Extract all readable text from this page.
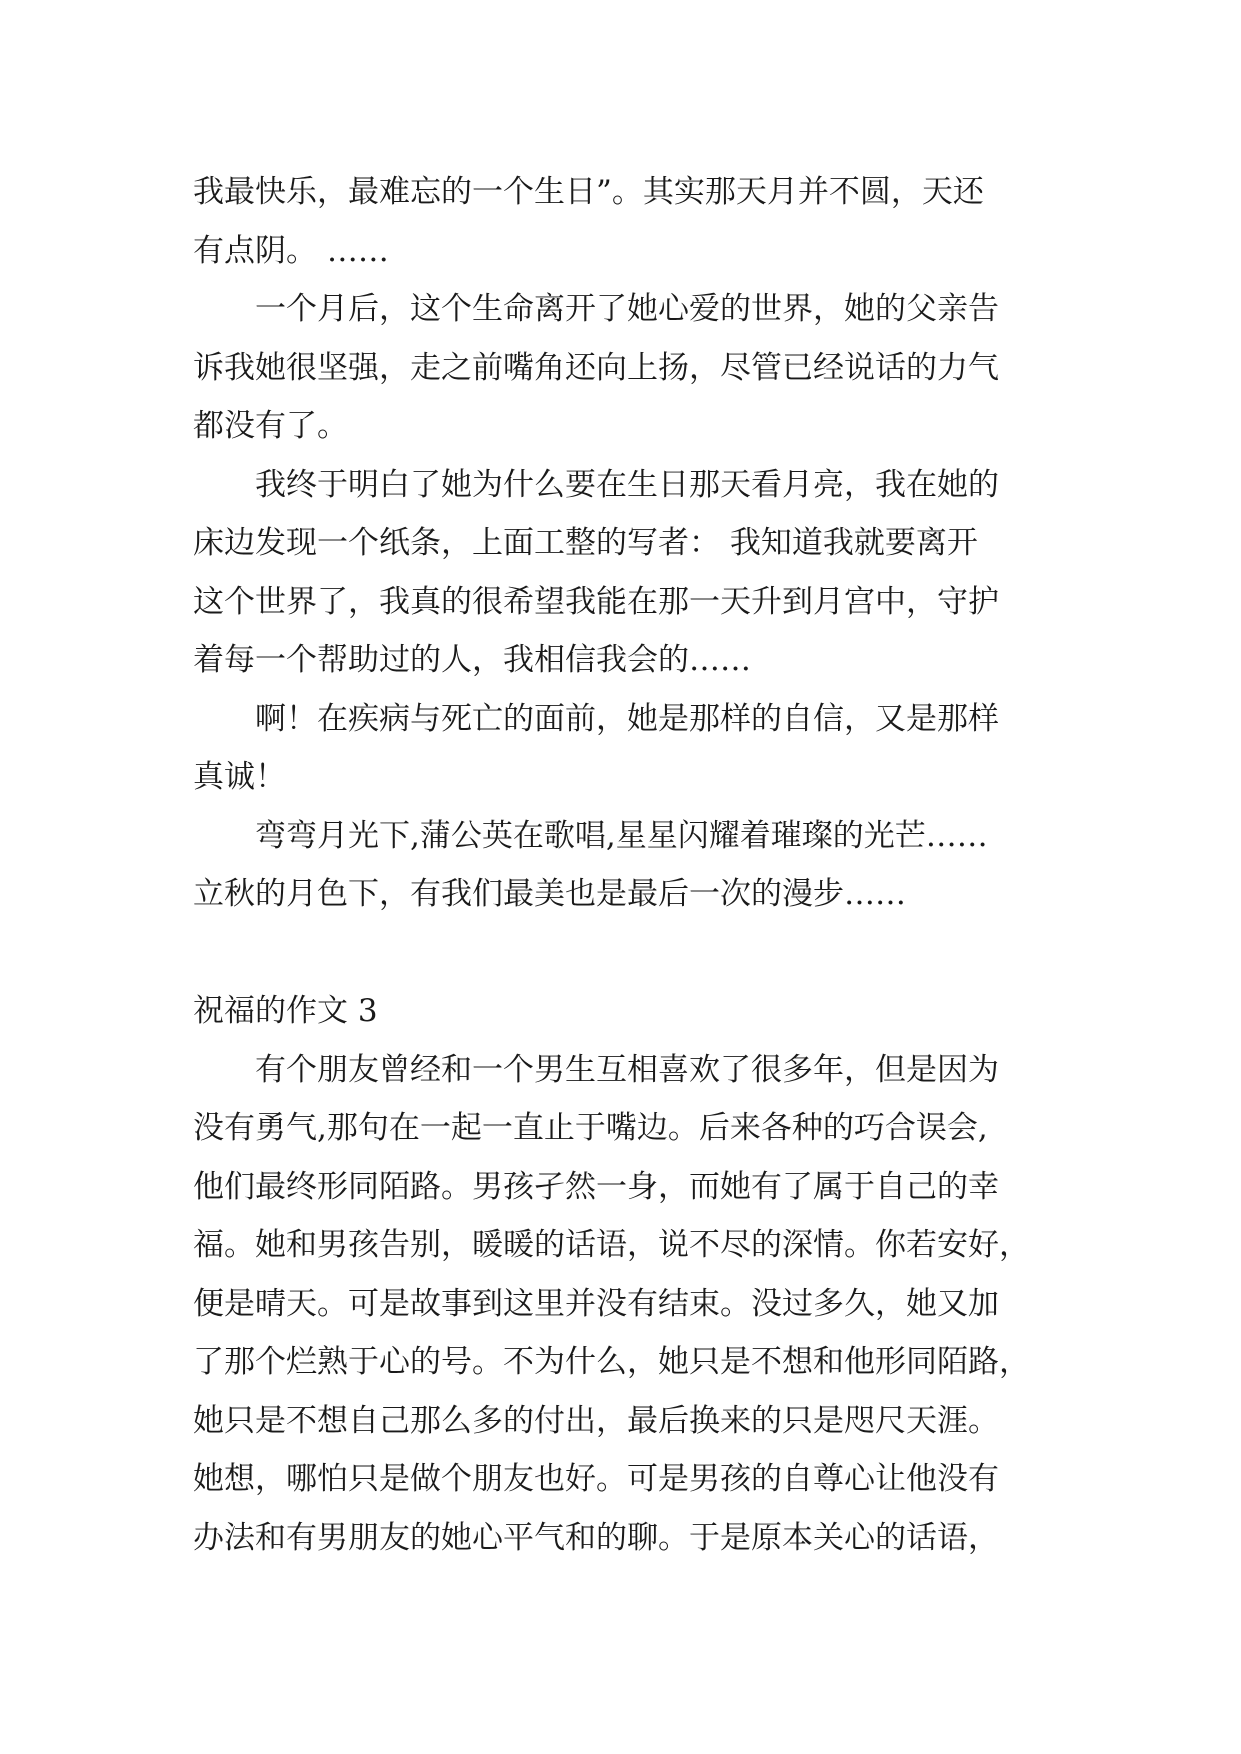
我最快乐，最难忘的一个生日”。其实那天月并不圆，天还
有点阴。 ……
一个月后，这个生命离开了她心爱的世界，她的父亲告
诉我她很坚强，走之前嘴角还向上扬，尽管已经说话的力气
都没有了。
我终于明白了她为什么要在生日那天看月亮，我在她的
床边发现一个纸条，上面工整的写者： 我知道我就要离开
这个世界了，我真的很希望我能在那一天升到月宫中，守护
着每一个帮助过的人，我相信我会的……
啊！在疾病与死亡的面前，她是那样的自信，又是那样
真诚！
弯弯月光下,蒲公英在歌唱,星星闪耀着璀璨的光芒……
立秋的月色下，有我们最美也是最后一次的漫步……
祝福的作文 3
有个朋友曾经和一个男生互相喜欢了很多年，但是因为
没有勇气,那句在一起一直止于嘴边。后来各种的巧合误会,
他们最终形同陌路。男孩孑然一身，而她有了属于自己的幸
福。她和男孩告别，暖暖的话语，说不尽的深情。你若安好，
便是晴天。可是故事到这里并没有结束。没过多久，她又加
了那个烂熟于心的号。不为什么，她只是不想和他形同陌路，
她只是不想自己那么多的付出，最后换来的只是咫尺天涯。
她想，哪怕只是做个朋友也好。可是男孩的自尊心让他没有
办法和有男朋友的她心平气和的聊。于是原本关心的话语，
